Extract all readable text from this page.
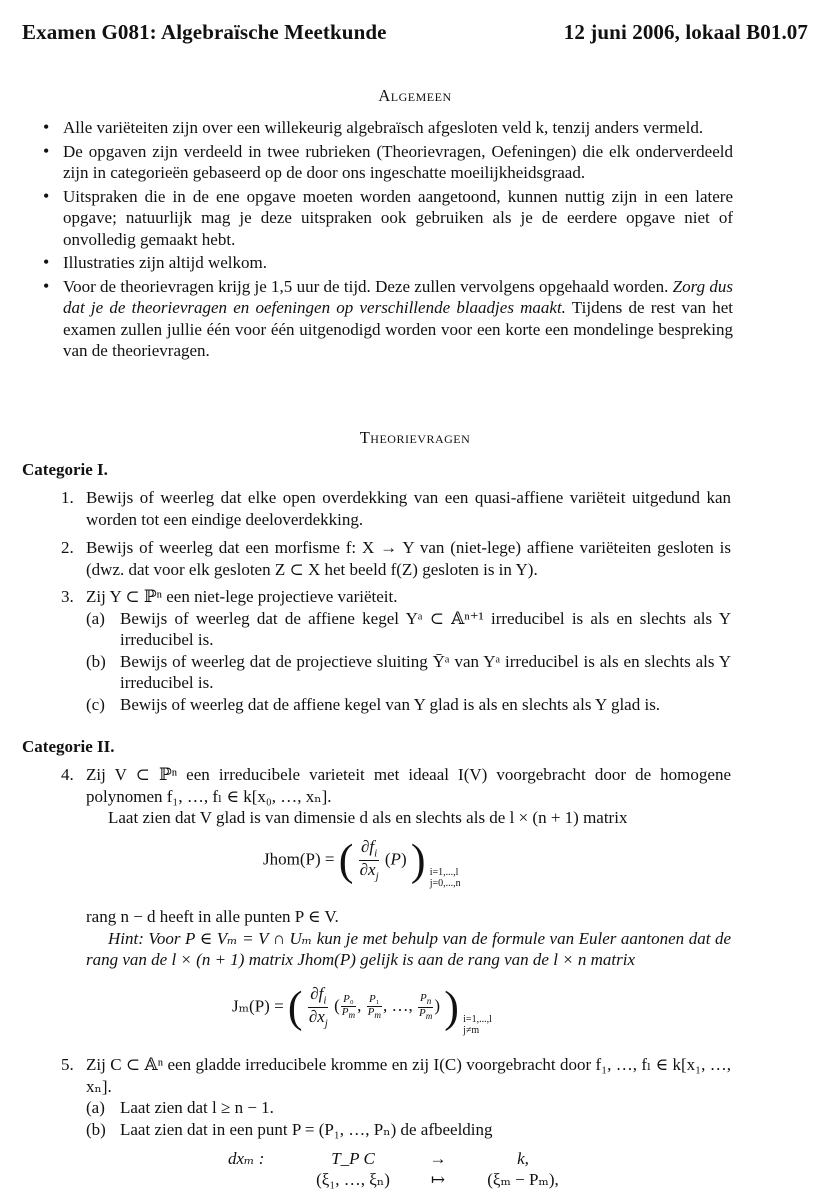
Examen G081: Algebraïsche Meetkunde	12 juni 2006, lokaal B01.07
Algemeen
• Alle variëteiten zijn over een willekeurig algebraïsch afgesloten veld k, tenzij anders vermeld.
• De opgaven zijn verdeeld in twee rubrieken (Theorievragen, Oefeningen) die elk onderverdeeld zijn in categorieën gebaseerd op de door ons ingeschatte moeilijkheidsgraad.
• Uitspraken die in de ene opgave moeten worden aangetoond, kunnen nuttig zijn in een latere opgave; natuurlijk mag je deze uitspraken ook gebruiken als je de eerdere opgave niet of onvolledig gemaakt hebt.
• Illustraties zijn altijd welkom.
• Voor de theorievragen krijg je 1,5 uur de tijd. Deze zullen vervolgens opgehaald worden. Zorg dus dat je de theorievragen en oefeningen op verschillende blaadjes maakt. Tijdens de rest van het examen zullen jullie één voor één uitgenodigd worden voor een korte een mondelinge bespreking van de theorievragen.
Theorievragen
Categorie I.
1. Bewijs of weerleg dat elke open overdekking van een quasi-affiene variëteit uitgedund kan worden tot een eindige deeloverdekking.
2. Bewijs of weerleg dat een morfisme f: X → Y van (niet-lege) affiene variëteiten gesloten is (dwz. dat voor elk gesloten Z ⊂ X het beeld f(Z) gesloten is in Y).
3. Zij Y ⊂ ℙⁿ een niet-lege projectieve variëteit.
(a) Bewijs of weerleg dat de affiene kegel Yᵃ ⊂ 𝔸ⁿ⁺¹ irreducibel is als en slechts als Y irreducibel is.
(b) Bewijs of weerleg dat de projectieve sluiting Ȳᵃ van Yᵃ irreducibel is als en slechts als Y irreducibel is.
(c) Bewijs of weerleg dat de affiene kegel van Y glad is als en slechts als Y glad is.
Categorie II.
4. Zij V ⊂ ℙⁿ een irreducibele varieteit met ideaal I(V) voorgebracht door de homogene polynomen f₁, …, fₗ ∈ k[x₀, …, xₙ].
Laat zien dat V glad is van dimensie d als en slechts als de l × (n + 1) matrix
Jhom(P) = ( $\frac{\partial f_i}{\partial x_j} (P)$ ) i=1,...,l
j=0,...,n
rang n − d heeft in alle punten P ∈ V.
Hint: Voor P ∈ Vₘ = V ∩ Uₘ kun je met behulp van de formule van Euler aantonen dat de rang van de l × (n + 1) matrix Jhom(P) gelijk is aan de rang van de l × n matrix
Jₘ(P) = ( $\frac{\partial f_i}{\partial x_j}$ ( $\frac{\text{P₀}}{P_m}$ , $\frac{\text{P₁}}{P_m}$ , …, $\frac{P_n}{P_m}$ ) ) i=1,...,l
j≠m
5. Zij C ⊂ 𝔸ⁿ een gladde irreducibele kromme en zij I(C) voorgebracht door f₁, …, fₗ ∈ k[x₁, …, xₙ].
(a) Laat zien dat l ≥ n − 1.
(b) Laat zien dat in een punt P = (P₁, …, Pₙ) de afbeelding
dxₘ :	T_P C	→	k,
(ξ₁, …, ξₙ)	↦	(ξₘ − Pₘ),
